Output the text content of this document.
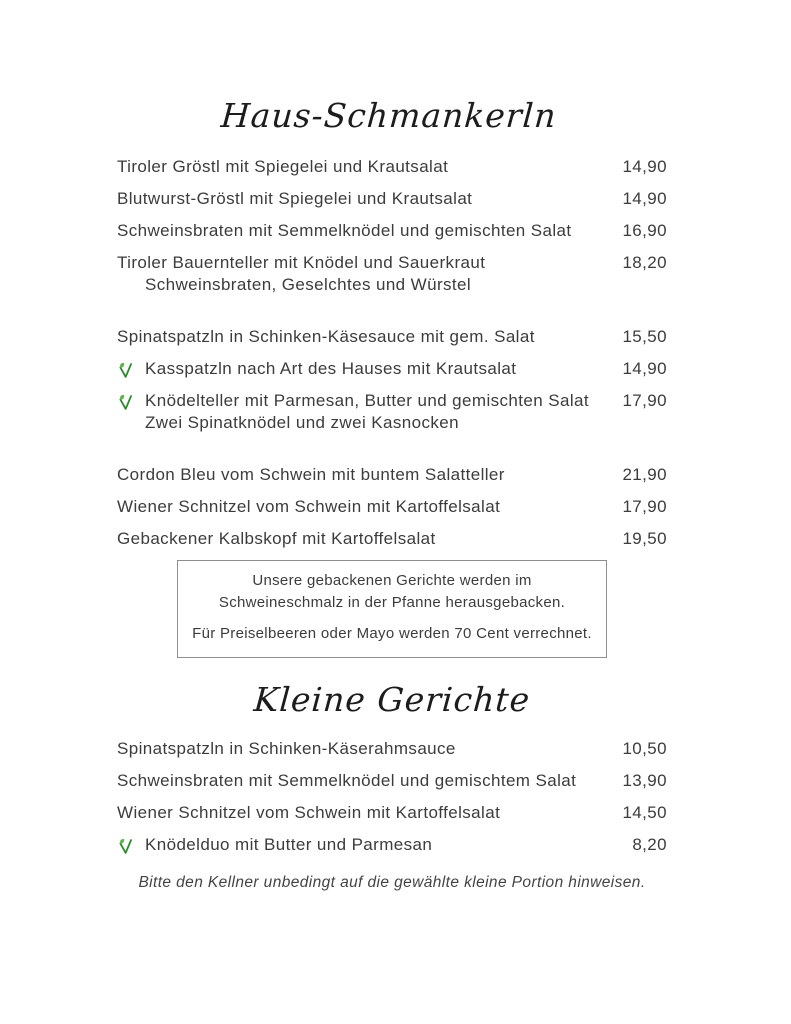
Haus-Schmankerln
Tiroler Gröstl mit Spiegelei und Krautsalat	14,90
Blutwurst-Gröstl mit Spiegelei und Krautsalat	14,90
Schweinsbraten mit Semmelknödel und gemischten Salat	16,90
Tiroler Bauernteller mit Knödel und Sauerkraut	18,20
Schweinsbraten, Geselchtes und Würstel
Spinatspatzln in Schinken-Käsesauce mit gem. Salat	15,50
Kasspatzln nach Art des Hauses mit Krautsalat	14,90
Knödelteller mit Parmesan, Butter und gemischten Salat	17,90
Zwei Spinatknödel und zwei Kasnocken
Cordon Bleu vom Schwein mit buntem Salatteller	21,90
Wiener Schnitzel vom Schwein mit Kartoffelsalat	17,90
Gebackener Kalbskopf mit Kartoffelsalat	19,50
Unsere gebackenen Gerichte werden im
Schweineschmalz in der Pfanne herausgebacken.
Für Preiselbeeren oder Mayo werden 70 Cent verrechnet.
Kleine Gerichte
Spinatspatzln in Schinken-Käserahmsauce	10,50
Schweinsbraten mit Semmelknödel und gemischtem Salat	13,90
Wiener Schnitzel vom Schwein mit Kartoffelsalat	14,50
Knödelduo mit Butter und Parmesan	8,20
Bitte den Kellner unbedingt auf die gewählte kleine Portion hinweisen.
